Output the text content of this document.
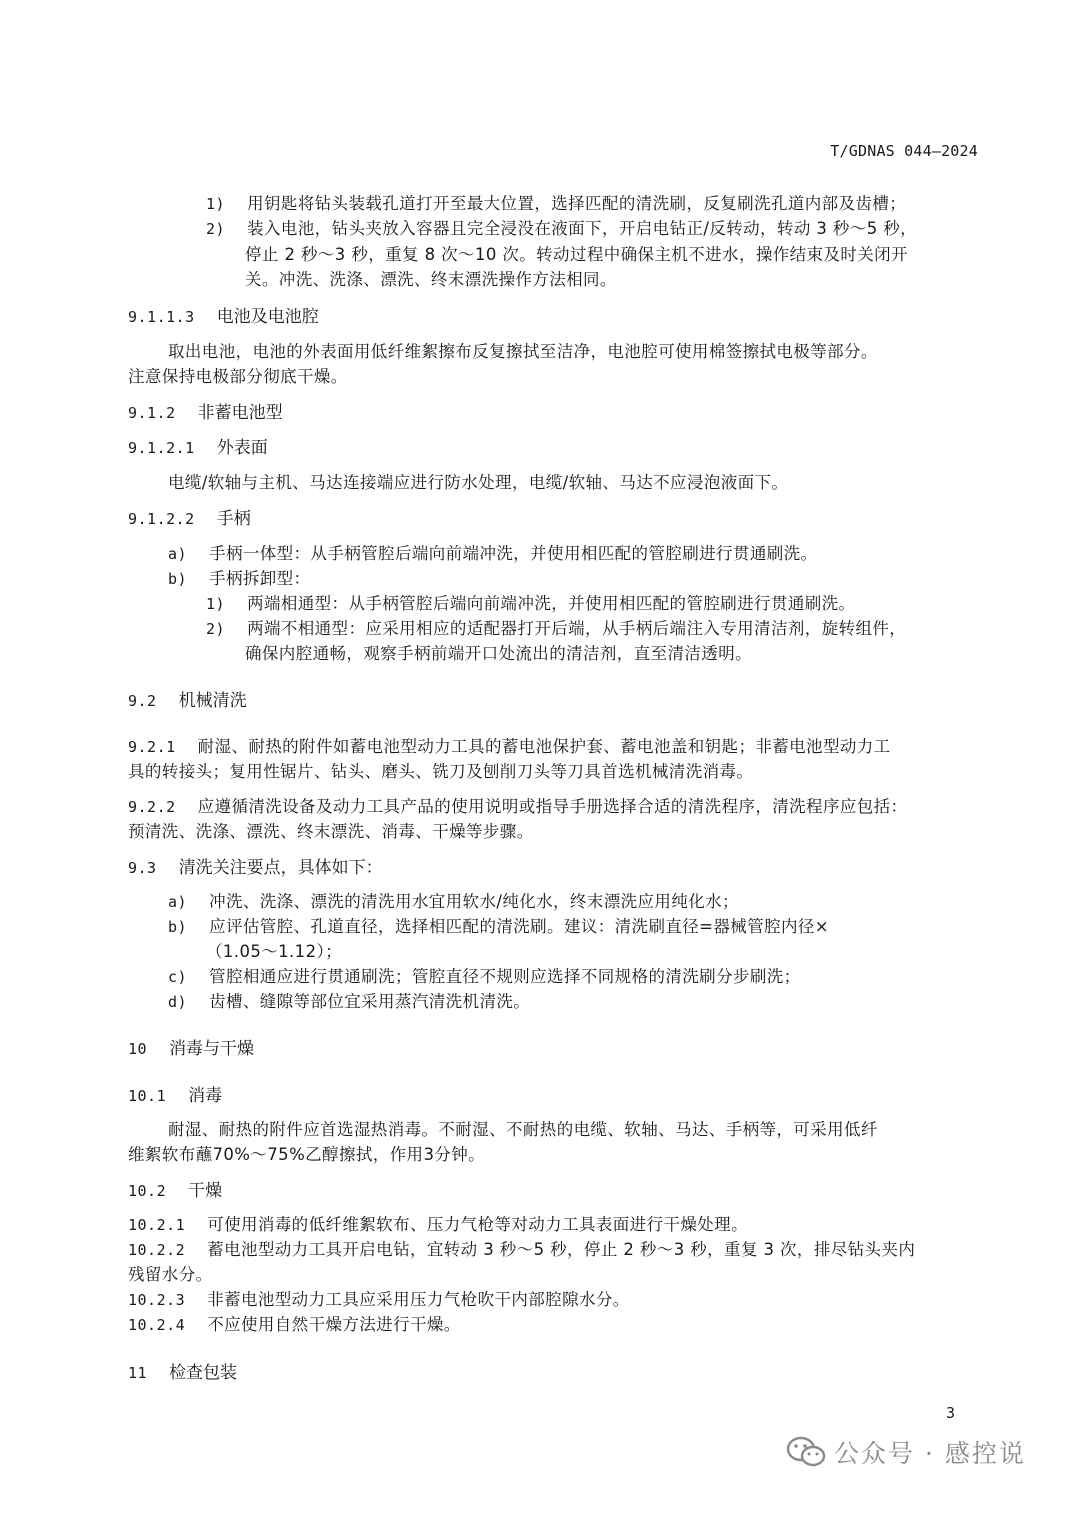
T/GDNAS 044—2024
1) 用钥匙将钻头装载孔道打开至最大位置，选择匹配的清洗刷，反复刷洗孔道内部及齿槽；
2) 装入电池，钻头夹放入容器且完全浸没在液面下，开启电钻正/反转动，转动 3 秒～5 秒，
停止 2 秒～3 秒，重复 8 次～10 次。转动过程中确保主机不进水，操作结束及时关闭开
关。冲洗、洗涤、漂洗、终末漂洗操作方法相同。
9.1.1.3 电池及电池腔
取出电池，电池的外表面用低纤维絮擦布反复擦拭至洁净，电池腔可使用棉签擦拭电极等部分。
注意保持电极部分彻底干燥。
9.1.2 非蓄电池型
9.1.2.1 外表面
电缆/软轴与主机、马达连接端应进行防水处理，电缆/软轴、马达不应浸泡液面下。
9.1.2.2 手柄
a) 手柄一体型：从手柄管腔后端向前端冲洗，并使用相匹配的管腔刷进行贯通刷洗。
b) 手柄拆卸型：
1) 两端相通型：从手柄管腔后端向前端冲洗，并使用相匹配的管腔刷进行贯通刷洗。
2) 两端不相通型：应采用相应的适配器打开后端，从手柄后端注入专用清洁剂，旋转组件，
确保内腔通畅，观察手柄前端开口处流出的清洁剂，直至清洁透明。
9.2 机械清洗
9.2.1 耐湿、耐热的附件如蓄电池型动力工具的蓄电池保护套、蓄电池盖和钥匙；非蓄电池型动力工
具的转接头；复用性锯片、钻头、磨头、铣刀及刨削刀头等刀具首选机械清洗消毒。
9.2.2 应遵循清洗设备及动力工具产品的使用说明或指导手册选择合适的清洗程序，清洗程序应包括：
预清洗、洗涤、漂洗、终末漂洗、消毒、干燥等步骤。
9.3 清洗关注要点，具体如下：
a) 冲洗、洗涤、漂洗的清洗用水宜用软水/纯化水，终末漂洗应用纯化水；
b) 应评估管腔、孔道直径，选择相匹配的清洗刷。建议：清洗刷直径=器械管腔内径×
（1.05～1.12）；
c) 管腔相通应进行贯通刷洗；管腔直径不规则应选择不同规格的清洗刷分步刷洗；
d) 齿槽、缝隙等部位宜采用蒸汽清洗机清洗。
10 消毒与干燥
10.1 消毒
耐湿、耐热的附件应首选湿热消毒。不耐湿、不耐热的电缆、软轴、马达、手柄等，可采用低纤
维絮软布蘸70%～75%乙醇擦拭，作用3分钟。
10.2 干燥
10.2.1 可使用消毒的低纤维絮软布、压力气枪等对动力工具表面进行干燥处理。
10.2.2 蓄电池型动力工具开启电钻，宜转动 3 秒～5 秒，停止 2 秒～3 秒，重复 3 次，排尽钻头夹内
残留水分。
10.2.3 非蓄电池型动力工具应采用压力气枪吹干内部腔隙水分。
10.2.4 不应使用自然干燥方法进行干燥。
11 检查包装
3
公众号 · 感控说
